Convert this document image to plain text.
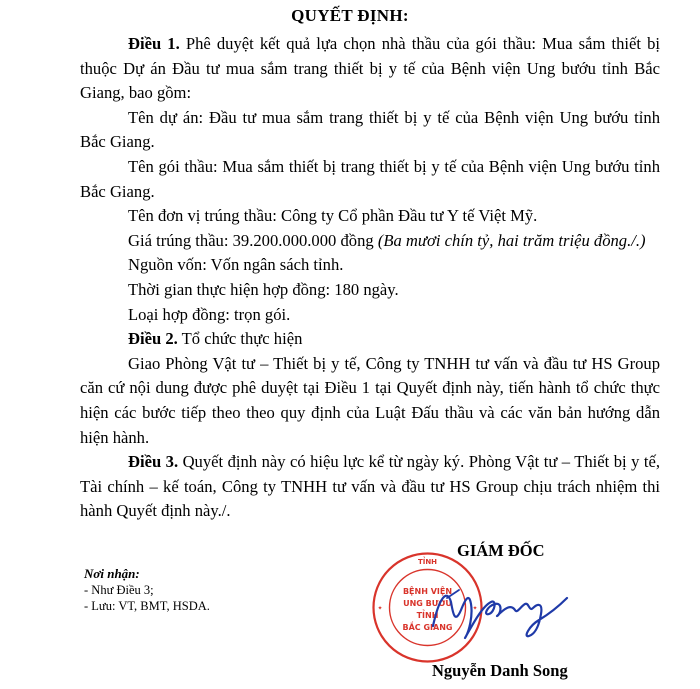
QUYẾT ĐỊNH:

Điều 1. Phê duyệt kết quả lựa chọn nhà thầu của gói thầu: Mua sắm thiết bị thuộc Dự án Đầu tư mua sắm trang thiết bị y tế của Bệnh viện Ung bướu tỉnh Bắc Giang, bao gồm:

Tên dự án: Đầu tư mua sắm trang thiết bị y tế của Bệnh viện Ung bướu tỉnh Bắc Giang.

Tên gói thầu: Mua sắm thiết bị trang thiết bị y tế của Bệnh viện Ung bướu tỉnh Bắc Giang.

Tên đơn vị trúng thầu: Công ty Cổ phần Đầu tư Y tế Việt Mỹ.

Giá trúng thầu: 39.200.000.000 đồng (Ba mươi chín tỷ, hai trăm triệu đồng./.)

Nguồn vốn: Vốn ngân sách tỉnh.

Thời gian thực hiện hợp đồng: 180 ngày.

Loại hợp đồng: trọn gói.

Điều 2. Tổ chức thực hiện

Giao Phòng Vật tư – Thiết bị y tế, Công ty TNHH tư vấn và đầu tư HS Group căn cứ nội dung được phê duyệt tại Điều 1 tại Quyết định này, tiến hành tổ chức thực hiện các bước tiếp theo theo quy định của Luật Đấu thầu và các văn bản hướng dẫn hiện hành.

Điều 3. Quyết định này có hiệu lực kể từ ngày ký. Phòng Vật tư – Thiết bị y tế, Tài chính – kế toán, Công ty TNHH tư vấn và đầu tư HS Group chịu trách nhiệm thi hành Quyết định này./.

Nơi nhận:
- Như Điều 3;
- Lưu: VT, BMT, HSDA.
GIÁM ĐỐC
TỈNH
BỆNH VIỆN
UNG BƯỚU
TỈNH
BẮC GIANG
✦	✦
Nguyễn Danh Song
